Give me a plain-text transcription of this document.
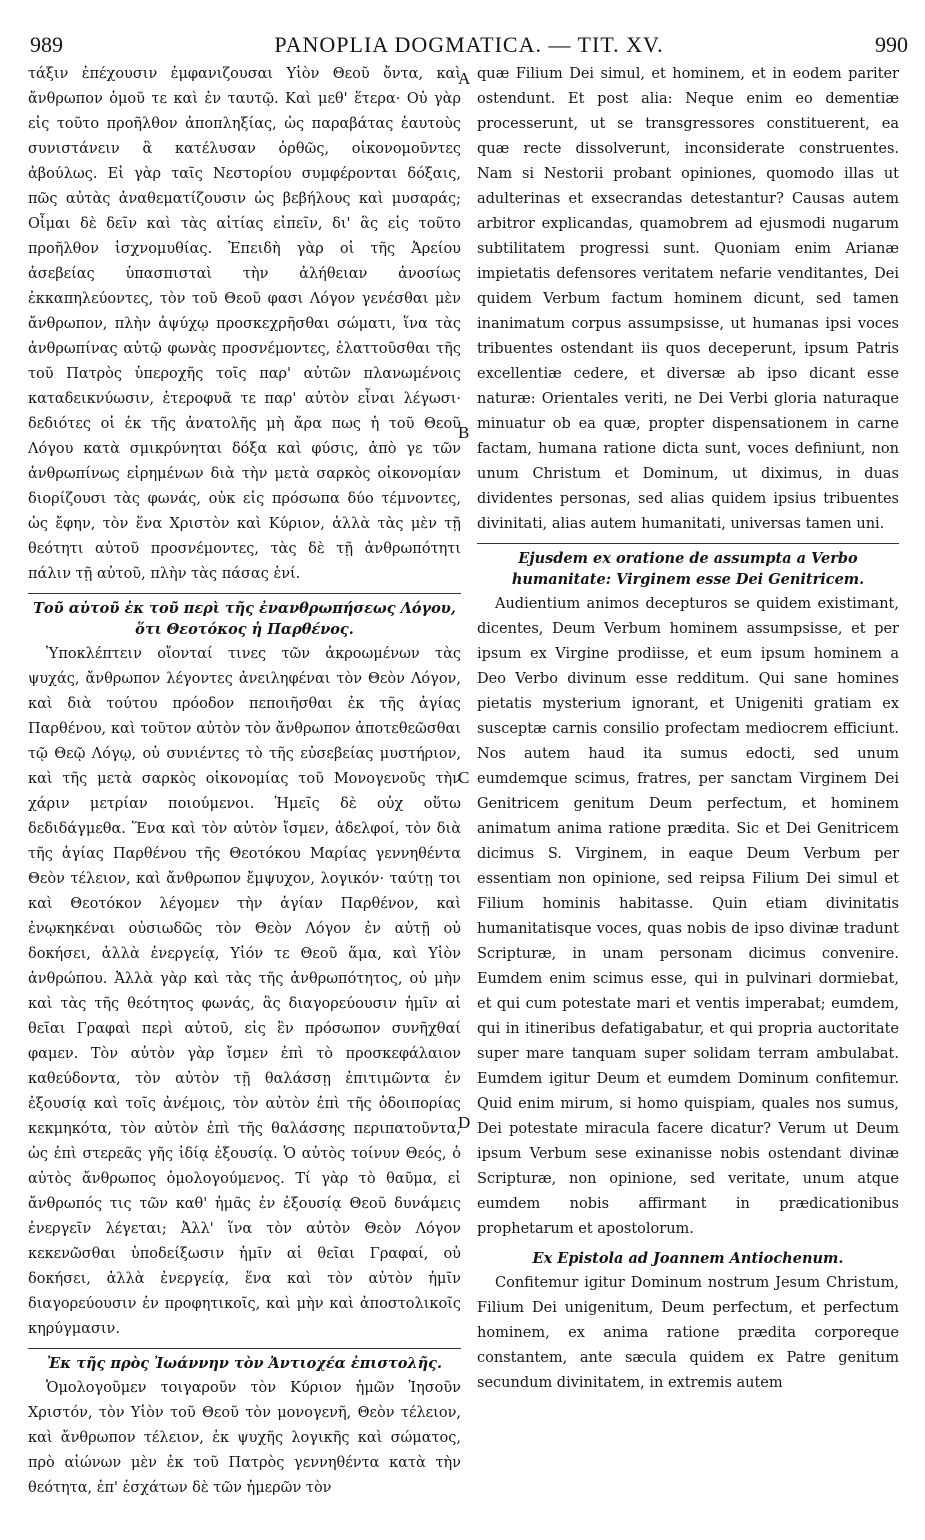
989	PANOPLIA DOGMATICA. — TIT. XV.	990

τάξιν ἐπέχουσιν ἐμφανιζουσαι Υἱὸν Θεοῦ ὄντα, καὶ ἄνθρωπον ὁμοῦ τε καὶ ἐν ταυτῷ. Καὶ μεθ' ἕτερα· Οὐ γὰρ εἰς τοῦτο προῆλθον ἀποπληξίας, ὡς παραβάτας ἑαυτοὺς συνιστάνειν ἃ κατέλυσαν ὀρθῶς, οἰκονομοῦντες ἀβούλως. Εἰ γὰρ ταῖς Νεστορίου συμφέρονται δόξαις, πῶς αὐτὰς ἀναθεματίζουσιν ὡς βεβήλους καὶ μυσαράς; Οἶμαι δὲ δεῖν καὶ τὰς αἰτίας εἰπεῖν, δι' ἃς εἰς τοῦτο προῆλθον ἰσχνομυθίας. Ἐπειδὴ γὰρ οἱ τῆς Ἀρείου ἀσεβείας ὑπασπισταὶ τὴν ἀλήθειαν ἀνοσίως ἐκκαπηλεύοντες, τὸν τοῦ Θεοῦ φασι Λόγον γενέσθαι μὲν ἄνθρωπον, πλὴν ἀψύχῳ προσκεχρῆσθαι σώματι, ἵνα τὰς ἀνθρωπίνας αὐτῷ φωνὰς προσνέμοντες, ἐλαττοῦσθαι τῆς τοῦ Πατρὸς ὑπεροχῆς τοῖς παρ' αὐτῶν πλανωμένοις καταδεικνύωσιν, ἑτεροφυᾶ τε παρ' αὐτὸν εἶναι λέγωσι· δεδιότες οἱ ἐκ τῆς ἀνατολῆς μὴ ἄρα πως ἡ τοῦ Θεοῦ Λόγου κατὰ σμικρύνηται δόξα καὶ φύσις, ἀπὸ γε τῶν ἀνθρωπίνως εἰρημένων διὰ τὴν μετὰ σαρκὸς οἰκονομίαν διορίζουσι τὰς φωνάς, οὐκ εἰς πρόσωπα δύο τέμνοντες, ὡς ἔφην, τὸν ἕνα Χριστὸν καὶ Κύριον, ἀλλὰ τὰς μὲν τῇ θεότητι αὐτοῦ προσνέμοντες, τὰς δὲ τῇ ἀνθρωπότητι πάλιν τῇ αὐτοῦ, πλὴν τὰς πάσας ἑνί.

Τοῦ αὐτοῦ ἐκ τοῦ περὶ τῆς ἐνανθρωπήσεως Λόγου, ὅτι Θεοτόκος ἡ Παρθένος.

Ὑποκλέπτειν οἴονταί τινες τῶν ἀκροωμένων τὰς ψυχάς, ἄνθρωπον λέγοντες ἀνειληφέναι τὸν Θεὸν Λόγον, καὶ διὰ τούτου πρόοδον πεποιῆσθαι ἐκ τῆς ἁγίας Παρθένου, καὶ τοῦτον αὐτὸν τὸν ἄνθρωπον ἀποτεθεῶσθαι τῷ Θεῷ Λόγῳ, οὐ συνιέντες τὸ τῆς εὐσεβείας μυστήριον, καὶ τῆς μετὰ σαρκὸς οἰκονομίας τοῦ Μονογενοῦς τὴν χάριν μετρίαν ποιούμενοι. Ἡμεῖς δὲ οὐχ οὕτω δεδιδάγμεθα. Ἕνα καὶ τὸν αὐτὸν ἴσμεν, ἀδελφοί, τὸν διὰ τῆς ἁγίας Παρθένου τῆς Θεοτόκου Μαρίας γεννηθέντα Θεὸν τέλειον, καὶ ἄνθρωπον ἔμψυχον, λογικόν· ταύτῃ τοι καὶ Θεοτόκον λέγομεν τὴν ἁγίαν Παρθένον, καὶ ἐνῳκηκέναι οὐσιωδῶς τὸν Θεὸν Λόγον ἐν αὐτῇ οὐ δοκήσει, ἀλλὰ ἐνεργείᾳ, Υἱόν τε Θεοῦ ἅμα, καὶ Υἱὸν ἀνθρώπου. Ἀλλὰ γὰρ καὶ τὰς τῆς ἀνθρωπότητος, οὐ μὴν καὶ τὰς τῆς θεότητος φωνάς, ἃς διαγορεύουσιν ἡμῖν αἱ θεῖαι Γραφαὶ περὶ αὐτοῦ, εἰς ἓν πρόσωπον συνῆχθαί φαμεν. Τὸν αὐτὸν γὰρ ἴσμεν ἐπὶ τὸ προσκεφάλαιον καθεύδοντα, τὸν αὐτὸν τῇ θαλάσσῃ ἐπιτιμῶντα ἐν ἐξουσίᾳ καὶ τοῖς ἀνέμοις, τὸν αὐτὸν ἐπὶ τῆς ὁδοιπορίας κεκμηκότα, τὸν αὐτὸν ἐπὶ τῆς θαλάσσης περιπατοῦντα, ὡς ἐπὶ στερεᾶς γῆς ἰδίᾳ ἐξουσίᾳ. Ὁ αὐτὸς τοίνυν Θεός, ὁ αὐτὸς ἄνθρωπος ὁμολογούμενος. Τί γὰρ τὸ θαῦμα, εἰ ἄνθρωπός τις τῶν καθ' ἡμᾶς ἐν ἐξουσίᾳ Θεοῦ δυνάμεις ἐνεργεῖν λέγεται; Ἀλλ' ἵνα τὸν αὐτὸν Θεὸν Λόγον κεκενῶσθαι ὑποδείξωσιν ἡμῖν αἱ θεῖαι Γραφαί, οὐ δοκήσει, ἀλλὰ ἐνεργείᾳ, ἕνα καὶ τὸν αὐτὸν ἡμῖν διαγορεύουσιν ἐν προφητικοῖς, καὶ μὴν καὶ ἀποστολικοῖς κηρύγμασιν.

Ἐκ τῆς πρὸς Ἰωάννην τὸν Ἀντιοχέα ἐπιστολῆς.

Ὁμολογοῦμεν τοιγαροῦν τὸν Κύριον ἡμῶν Ἰησοῦν Χριστόν, τὸν Υἱὸν τοῦ Θεοῦ τὸν μονογενῆ, Θεὸν τέλειον, καὶ ἄνθρωπον τέλειον, ἐκ ψυχῆς λογικῆς καὶ σώματος, πρὸ αἰώνων μὲν ἐκ τοῦ Πατρὸς γεννηθέντα κατὰ τὴν θεότητα, ἐπ' ἐσχάτων δὲ τῶν ἡμερῶν τὸν

A
B
C
D

quæ Filium Dei simul, et hominem, et in eodem pariter ostendunt. Et post alia: Neque enim eo dementiæ processerunt, ut se transgressores constituerent, ea quæ recte dissolverunt, inconsiderate construentes. Nam si Nestorii probant opiniones, quomodo illas ut adulterinas et exsecrandas detestantur? Causas autem arbitror explicandas, quamobrem ad ejusmodi nugarum subtilitatem progressi sunt. Quoniam enim Arianæ impietatis defensores veritatem nefarie venditantes, Dei quidem Verbum factum hominem dicunt, sed tamen inanimatum corpus assumpsisse, ut humanas ipsi voces tribuentes ostendant iis quos deceperunt, ipsum Patris excellentiæ cedere, et diversæ ab ipso dicant esse naturæ: Orientales veriti, ne Dei Verbi gloria naturaque minuatur ob ea quæ, propter dispensationem in carne factam, humana ratione dicta sunt, voces definiunt, non unum Christum et Dominum, ut diximus, in duas dividentes personas, sed alias quidem ipsius tribuentes divinitati, alias autem humanitati, universas tamen uni.

Ejusdem ex oratione de assumpta a Verbo humanitate: Virginem esse Dei Genitricem.

Audientium animos decepturos se quidem existimant, dicentes, Deum Verbum hominem assumpsisse, et per ipsum ex Virgine prodiisse, et eum ipsum hominem a Deo Verbo divinum esse redditum. Qui sane homines pietatis mysterium ignorant, et Unigeniti gratiam ex susceptæ carnis consilio profectam mediocrem efficiunt. Nos autem haud ita sumus edocti, sed unum eumdemque scimus, fratres, per sanctam Virginem Dei Genitricem genitum Deum perfectum, et hominem animatum anima ratione prædita. Sic et Dei Genitricem dicimus S. Virginem, in eaque Deum Verbum per essentiam non opinione, sed reipsa Filium Dei simul et Filium hominis habitasse. Quin etiam divinitatis humanitatisque voces, quas nobis de ipso divinæ tradunt Scripturæ, in unam personam dicimus convenire. Eumdem enim scimus esse, qui in pulvinari dormiebat, et qui cum potestate mari et ventis imperabat; eumdem, qui in itineribus defatigabatur, et qui propria auctoritate super mare tanquam super solidam terram ambulabat. Eumdem igitur Deum et eumdem Dominum confitemur. Quid enim mirum, si homo quispiam, quales nos sumus, Dei potestate miracula facere dicatur? Verum ut Deum ipsum Verbum sese exinanisse nobis ostendant divinæ Scripturæ, non opinione, sed veritate, unum atque eumdem nobis affirmant in prædicationibus prophetarum et apostolorum.

Ex Epistola ad Joannem Antiochenum.

Confitemur igitur Dominum nostrum Jesum Christum, Filium Dei unigenitum, Deum perfectum, et perfectum hominem, ex anima ratione prædita corporeque constantem, ante sæcula quidem ex Patre genitum secundum divinitatem, in extremis autem
